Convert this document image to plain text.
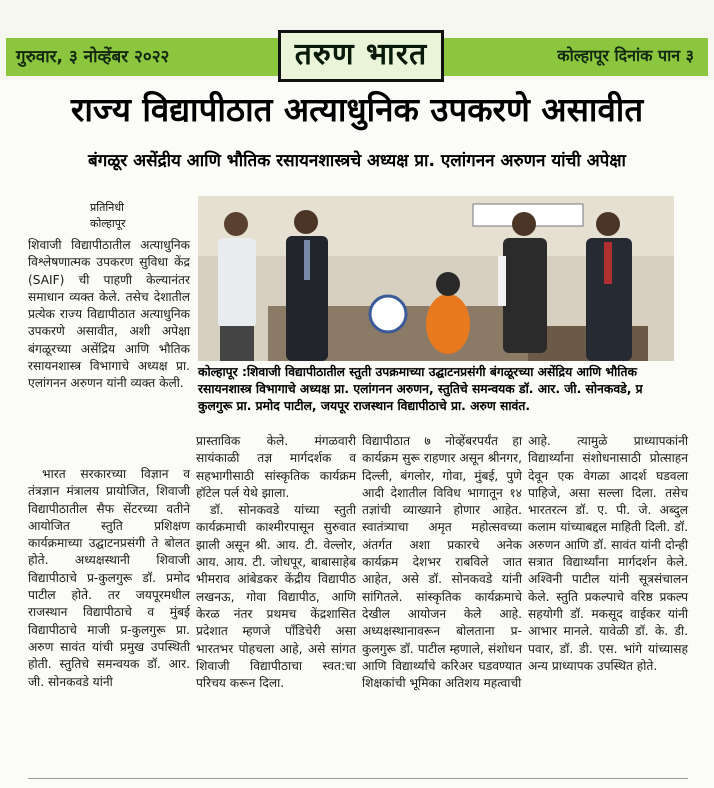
गुरुवार, ३ नोव्हेंबर २०२२	तरुण भारत	कोल्हापूर दिनांक पान ३
राज्य विद्यापीठात अत्याधुनिक उपकरणे असावीत
बंगळूर असेंद्रीय आणि भौतिक रसायनशास्त्रचे अध्यक्ष प्रा. एलांगनन अरुणन यांची अपेक्षा
प्रतिनिधी
कोल्हापूर

शिवाजी विद्यापीठातील अत्याधुनिक विश्लेषणात्मक उपकरण सुविधा केंद्र (SAIF) ची पाहणी केल्यानंतर समाधान व्यक्त केले. तसेच देशातील प्रत्येक राज्य विद्यापीठात अत्याधुनिक उपकरणे असावीत, अशी अपेक्षा बंगळूरच्या असेंद्रिय आणि भौतिक रसायनशास्त्र विभागाचे अध्यक्ष प्रा. एलांगनन अरुणन यांनी व्यक्त केली.

भारत सरकारच्या विज्ञान व तंत्रज्ञान मंत्रालय प्रायोजित, शिवाजी विद्यापीठातील सैफ सेंटरच्या वतीने आयोजित स्तुति प्रशिक्षण कार्यक्रमाच्या उद्घाटनप्रसंगी ते बोलत होते. अध्यक्षस्थानी शिवाजी विद्यापीठाचे प्र-कुलगुरू डॉ. प्रमोद पाटील होते. तर जयपूरमधील राजस्थान विद्यापीठाचे व मुंबई विद्यापीठाचे माजी प्र-कुलगुरू प्रा. अरुण सावंत यांची प्रमुख उपस्थिती होती. स्तुतिचे समन्वयक डॉ. आर. जी. सोनकवडे यांनी

कोल्हापूर :शिवाजी विद्यापीठातील स्तुती उपक्रमाच्या उद्घाटनप्रसंगी बंगळूरच्या असेंद्रिय आणि भौतिक रसायनशास्त्र विभागाचे अध्यक्ष प्रा. एलांगनन अरुणन, स्तुतिचे समन्वयक डॉ. आर. जी. सोनकवडे, प्र कुलगुरू प्रा. प्रमोद पाटील, जयपूर राजस्थान विद्यापीठाचे प्रा. अरुण सावंत.

प्रास्ताविक केले. मंगळवारी सायंकाळी तज्ञ मार्गदर्शक व सहभागीसाठी सांस्कृतिक कार्यक्रम हॉटेल पर्ल येथे झाला.

डॉ. सोनकवडे यांच्या स्तुती कार्यक्रमाची काश्मीरपासून सुरुवात झाली असून श्री. आय. टी. वेल्लोर, आय. आय. टी. जोधपूर, बाबासाहेब भीमराव आंबेडकर केंद्रीय विद्यापीठ लखनऊ, गोवा विद्यापीठ, आणि केरळ नंतर प्रथमच केंद्रशासित प्रदेशात म्हणजे पॉंडिचेरी असा भारतभर पोहचला आहे, असे सांगत शिवाजी विद्यापीठाचा स्वत:चा परिचय करून दिला.

विद्यापीठात ७ नोव्हेंबरपर्यंत हा कार्यक्रम सुरू राहणार असून श्रीनगर, दिल्ली, बंगलोर, गोवा, मुंबई, पुणे आदी देशातील विविध भागातून १४ तज्ञांची व्याख्याने होणार आहेत. स्वातंत्र्याचा अमृत महोत्सवच्या अंतर्गत अशा प्रकारचे अनेक कार्यक्रम देशभर राबविले जात आहेत, असे डॉ. सोनकवडे यांनी सांगितले. सांस्कृतिक कार्यक्रमाचे देखील आयोजन केले आहे. अध्यक्षस्थानावरून बोलताना प्र-कुलगुरू डॉ. पाटील म्हणाले, संशोधन आणि विद्यार्थ्यांचे करिअर घडवण्यात शिक्षकांची भूमिका अतिशय महत्वाची

आहे. त्यामुळे प्राध्यापकांनी विद्यार्थ्यांना संशोधनासाठी प्रोत्साहन देवून एक वेगळा आदर्श घडवला पाहिजे, असा सल्ला दिला. तसेच भारतरत्न डॉ. ए. पी. जे. अब्दुल कलाम यांच्याबद्दल माहिती दिली. डॉ. अरुणन आणि डॉ. सावंत यांनी दोन्ही सत्रात विद्यार्थ्यांना मार्गदर्शन केले. अश्विनी पाटील यांनी सूत्रसंचालन केले. स्तुति प्रकल्पाचे वरिष्ठ प्रकल्प सहयोगी डॉ. मकसूद वाईकर यांनी आभार मानले. यावेळी डॉ. के. डी. पवार, डॉ. डी. एस. भांगे यांच्यासह अन्य प्राध्यापक उपस्थित होते.
